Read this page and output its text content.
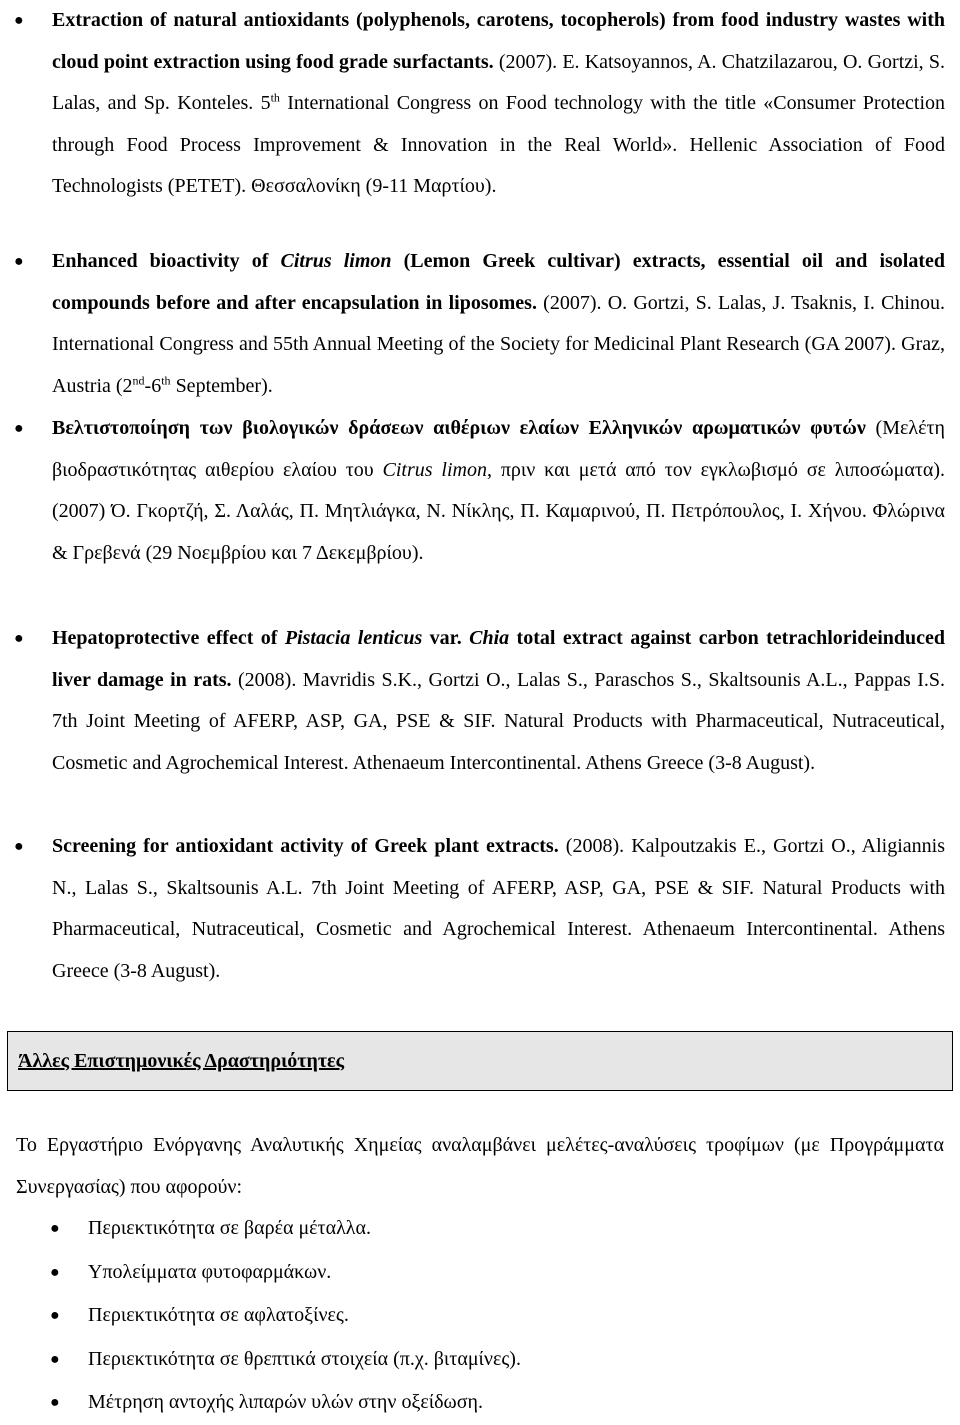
● Extraction of natural antioxidants (polyphenols, carotens, tocopherols) from food industry wastes with cloud point extraction using food grade surfactants. (2007). E. Katsoyannos, A. Chatzilazarou, O. Gortzi, S. Lalas, and Sp. Konteles. 5th International Congress on Food technology with the title «Consumer Protection through Food Process Improvement & Innovation in the Real World». Hellenic Association of Food Technologists (PETET). Θεσσαλονίκη (9-11 Μαρτίου).

● Enhanced bioactivity of Citrus limon (Lemon Greek cultivar) extracts, essential oil and isolated compounds before and after encapsulation in liposomes. (2007). O. Gortzi, S. Lalas, J. Tsaknis, I. Chinou. International Congress and 55th Annual Meeting of the Society for Medicinal Plant Research (GA 2007). Graz, Austria (2nd-6th September).

● Βελτιστοποίηση των βιολογικών δράσεων αιθέριων ελαίων Ελληνικών αρωματικών φυτών (Μελέτη βιοδραστικότητας αιθερίου ελαίου του Citrus limon, πριν και μετά από τον εγκλωβισμό σε λιποσώματα). (2007) Ό. Γκορτζή, Σ. Λαλάς, Π. Μητλιάγκα, Ν. Νίκλης, Π. Καμαρινού, Π. Πετρόπουλος, Ι. Χήνου. Φλώρινα & Γρεβενά (29 Νοεμβρίου και 7 Δεκεμβρίου).

● Hepatoprotective effect of Pistacia lenticus var. Chia total extract against carbon tetrachlorideinduced liver damage in rats. (2008). Mavridis S.K., Gortzi O., Lalas S., Paraschos S., Skaltsounis A.L., Pappas I.S. 7th Joint Meeting of AFERP, ASP, GA, PSE & SIF. Natural Products with Pharmaceutical, Nutraceutical, Cosmetic and Agrochemical Interest. Athenaeum Intercontinental. Athens Greece (3-8 August).

● Screening for antioxidant activity of Greek plant extracts. (2008). Kalpoutzakis E., Gortzi O., Aligiannis N., Lalas S., Skaltsounis A.L. 7th Joint Meeting of AFERP, ASP, GA, PSE & SIF. Natural Products with Pharmaceutical, Nutraceutical, Cosmetic and Agrochemical Interest. Athenaeum Intercontinental. Athens Greece (3-8 August).

Άλλες Επιστημονικές Δραστηριότητες
Το Εργαστήριο Ενόργανης Αναλυτικής Χημείας αναλαμβάνει μελέτες-αναλύσεις τροφίμων (με Προγράμματα Συνεργασίας) που αφορούν:
● Περιεκτικότητα σε βαρέα μέταλλα.
● Υπολείμματα φυτοφαρμάκων.
● Περιεκτικότητα σε αφλατοξίνες.
● Περιεκτικότητα σε θρεπτικά στοιχεία (π.χ. βιταμίνες).
● Μέτρηση αντοχής λιπαρών υλών στην οξείδωση.
